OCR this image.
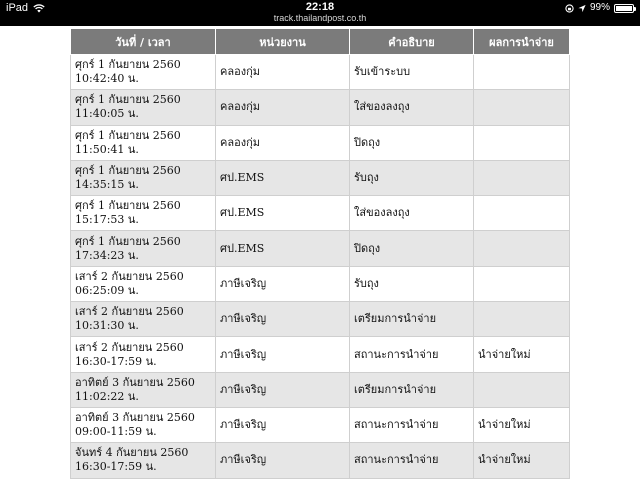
iPad	22:18
track.thailandpost.co.th
99%
วันที่ / เวลา	หน่วยงาน	คำอธิบาย	ผลการนำจ่าย

ศุกร์ 1 กันยายน 2560
10:42:40 น.	คลองกุ่ม	รับเข้าระบบ	

ศุกร์ 1 กันยายน 2560
11:40:05 น.	คลองกุ่ม	ใส่ของลงถุง	

ศุกร์ 1 กันยายน 2560
11:50:41 น.	คลองกุ่ม	ปิดถุง	

ศุกร์ 1 กันยายน 2560
14:35:15 น.	ศป.EMS	รับถุง	

ศุกร์ 1 กันยายน 2560
15:17:53 น.	ศป.EMS	ใส่ของลงถุง	

ศุกร์ 1 กันยายน 2560
17:34:23 น.	ศป.EMS	ปิดถุง	

เสาร์ 2 กันยายน 2560
06:25:09 น.	ภาษีเจริญ	รับถุง	

เสาร์ 2 กันยายน 2560
10:31:30 น.	ภาษีเจริญ	เตรียมการนำจ่าย	

เสาร์ 2 กันยายน 2560
16:30-17:59 น.	ภาษีเจริญ	สถานะการนำจ่าย	นำจ่ายใหม่

อาทิตย์ 3 กันยายน 2560
11:02:22 น.	ภาษีเจริญ	เตรียมการนำจ่าย	

อาทิตย์ 3 กันยายน 2560
09:00-11:59 น.	ภาษีเจริญ	สถานะการนำจ่าย	นำจ่ายใหม่

จันทร์ 4 กันยายน 2560
16:30-17:59 น.	ภาษีเจริญ	สถานะการนำจ่าย	นำจ่ายใหม่
